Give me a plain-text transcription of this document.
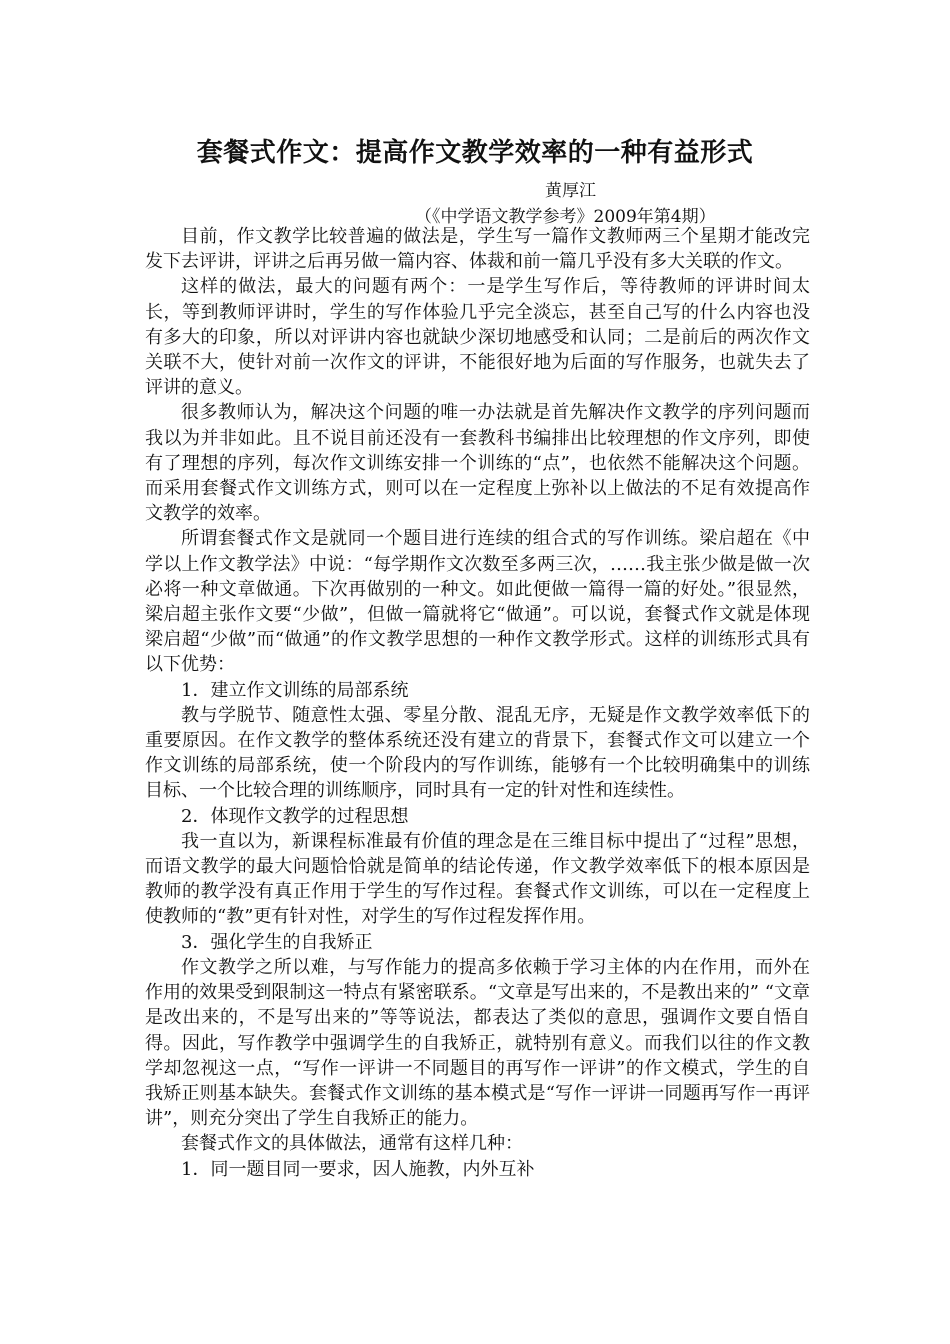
套餐式作文：提高作文教学效率的一种有益形式
黄厚江
（《中学语文教学参考》2009年第4期）

目前，作文教学比较普遍的做法是，学生写一篇作文教师两三个星期才能改完发下去评讲，评讲之后再另做一篇内容、体裁和前一篇几乎没有多大关联的作文。

这样的做法，最大的问题有两个：一是学生写作后，等待教师的评讲时间太长，等到教师评讲时，学生的写作体验几乎完全淡忘，甚至自己写的什么内容也没有多大的印象，所以对评讲内容也就缺少深切地感受和认同；二是前后的两次作文关联不大，使针对前一次作文的评讲，不能很好地为后面的写作服务，也就失去了评讲的意义。

很多教师认为，解决这个问题的唯一办法就是首先解决作文教学的序列问题而我以为并非如此。且不说目前还没有一套教科书编排出比较理想的作文序列，即使有了理想的序列，每次作文训练安排一个训练的“点”，也依然不能解决这个问题。而采用套餐式作文训练方式，则可以在一定程度上弥补以上做法的不足有效提高作文教学的效率。

所谓套餐式作文是就同一个题目进行连续的组合式的写作训练。梁启超在《中学以上作文教学法》中说：“每学期作文次数至多两三次，……我主张少做是做一次必将一种文章做通。下次再做别的一种文。如此便做一篇得一篇的好处。”很显然，梁启超主张作文要“少做”，但做一篇就将它“做通”。可以说，套餐式作文就是体现梁启超“少做”而“做通”的作文教学思想的一种作文教学形式。这样的训练形式具有以下优势：

1．建立作文训练的局部系统

教与学脱节、随意性太强、零星分散、混乱无序，无疑是作文教学效率低下的重要原因。在作文教学的整体系统还没有建立的背景下，套餐式作文可以建立一个作文训练的局部系统，使一个阶段内的写作训练，能够有一个比较明确集中的训练目标、一个比较合理的训练顺序，同时具有一定的针对性和连续性。

2．体现作文教学的过程思想

我一直以为，新课程标准最有价值的理念是在三维目标中提出了“过程”思想，而语文教学的最大问题恰恰就是简单的结论传递，作文教学效率低下的根本原因是教师的教学没有真正作用于学生的写作过程。套餐式作文训练，可以在一定程度上使教师的“教”更有针对性，对学生的写作过程发挥作用。

3．强化学生的自我矫正

作文教学之所以难，与写作能力的提高多依赖于学习主体的内在作用，而外在作用的效果受到限制这一特点有紧密联系。“文章是写出来的，不是教出来的” “文章是改出来的，不是写出来的”等等说法，都表达了类似的意思，强调作文要自悟自得。因此，写作教学中强调学生的自我矫正，就特别有意义。而我们以往的作文教学却忽视这一点，“写作一评讲一不同题目的再写作一评讲”的作文模式，学生的自我矫正则基本缺失。套餐式作文训练的基本模式是“写作一评讲一同题再写作一再评讲”，则充分突出了学生自我矫正的能力。

套餐式作文的具体做法，通常有这样几种：

1．同一题目同一要求，因人施教，内外互补
